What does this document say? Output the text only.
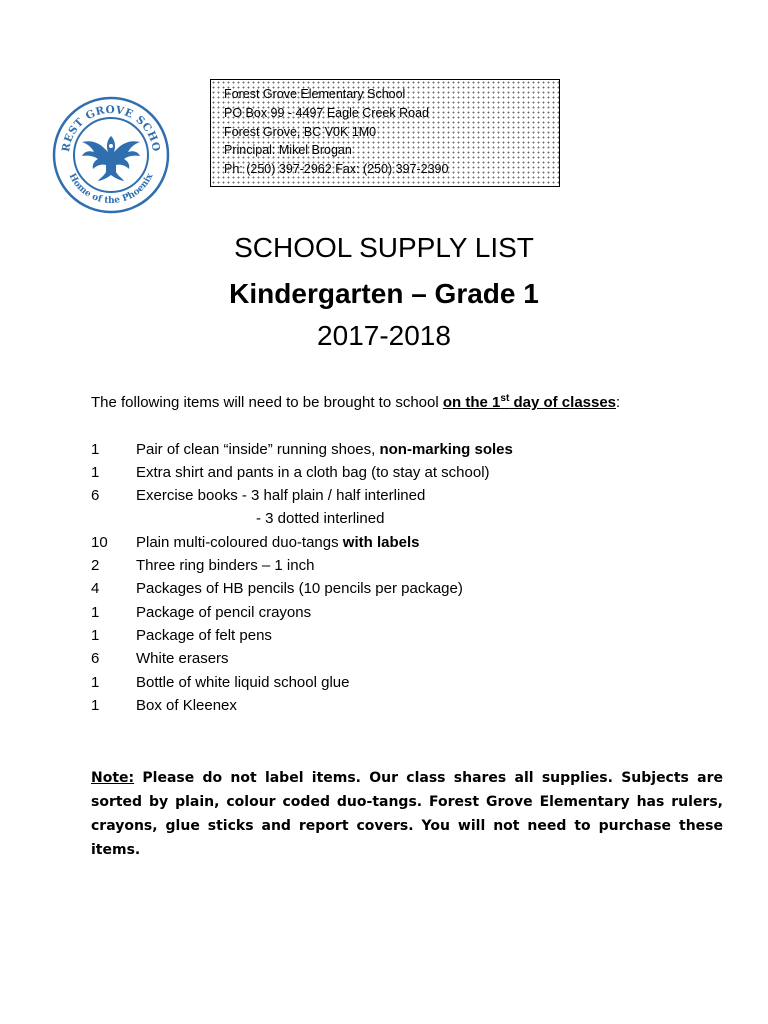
REST GROVE SCHO
Home of the Phoenix
Forest Grove Elementary School
PO Box 99 - 4497 Eagle Creek Road
Forest Grove, BC V0K 1M0
Principal: Mikel Brogan
Ph: (250) 397-2962 Fax: (250) 397-2390
SCHOOL SUPPLY LIST
Kindergarten – Grade 1
2017-2018
The following items will need to be brought to school on the 1st day of classes:
1 Pair of clean “inside” running shoes, non-marking soles
1 Extra shirt and pants in a cloth bag (to stay at school)
6 Exercise books - 3 half plain / half interlined
- 3 dotted interlined
10 Plain multi-coloured duo-tangs with labels
2 Three ring binders – 1 inch
4 Packages of HB pencils (10 pencils per package)
1 Package of pencil crayons
1 Package of felt pens
6 White erasers
1 Bottle of white liquid school glue
1 Box of Kleenex
Note: Please do not label items. Our class shares all supplies. Subjects are sorted by plain, colour coded duo-tangs. Forest Grove Elementary has rulers, crayons, glue sticks and report covers. You will not need to purchase these items.
